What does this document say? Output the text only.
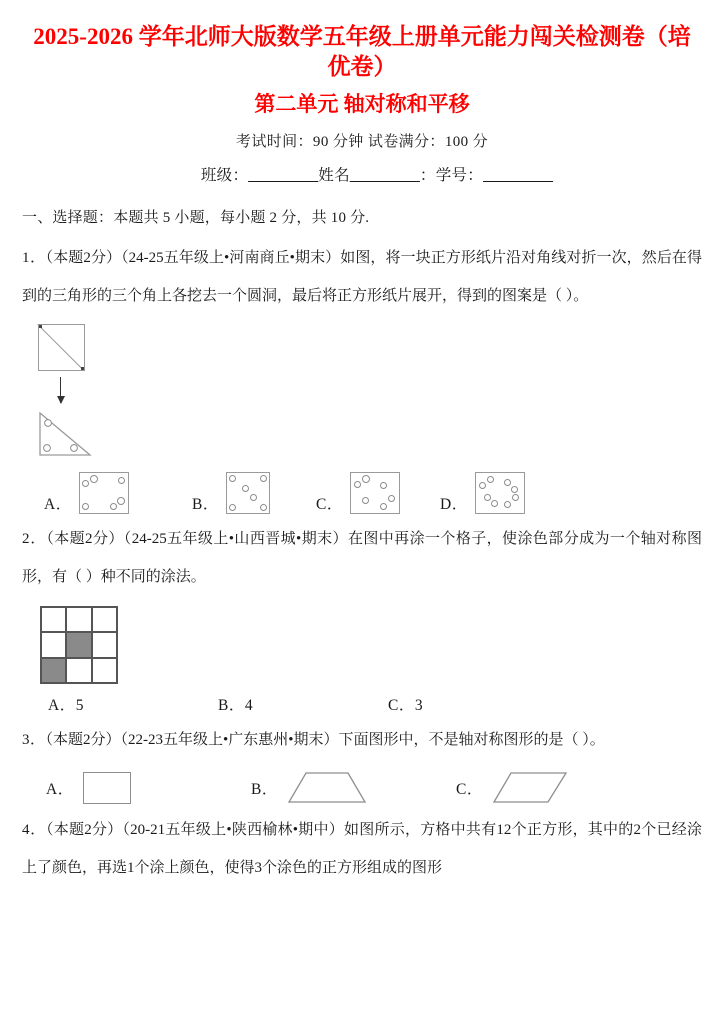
2025-2026 学年北师大版数学五年级上册单元能力闯关检测卷（培优卷）
第二单元 轴对称和平移

考试时间：90 分钟 试卷满分：100 分

班级：________姓名________：学号：________

一、选择题：本题共 5 小题，每小题 2 分，共 10 分.

1．（本题2分）（24-25五年级上•河南商丘•期末）如图，将一块正方形纸片沿对角线对折一次，然后在得到的三角形的三个角上各挖去一个圆洞，最后将正方形纸片展开，得到的图案是（ ）。

A．	B．	C．	D．

2．（本题2分）（24-25五年级上•山西晋城•期末）在图中再涂一个格子，使涂色部分成为一个轴对称图形，有（ ）种不同的涂法。

A．5	B．4	C．3

3．（本题2分）（22-23五年级上•广东惠州•期末）下面图形中，不是轴对称图形的是（ ）。

A．	B．	C．

4．（本题2分）（20-21五年级上•陕西榆林•期中）如图所示，方格中共有12个正方形，其中的2个已经涂上了颜色，再选1个涂上颜色，使得3个涂色的正方形组成的图形
